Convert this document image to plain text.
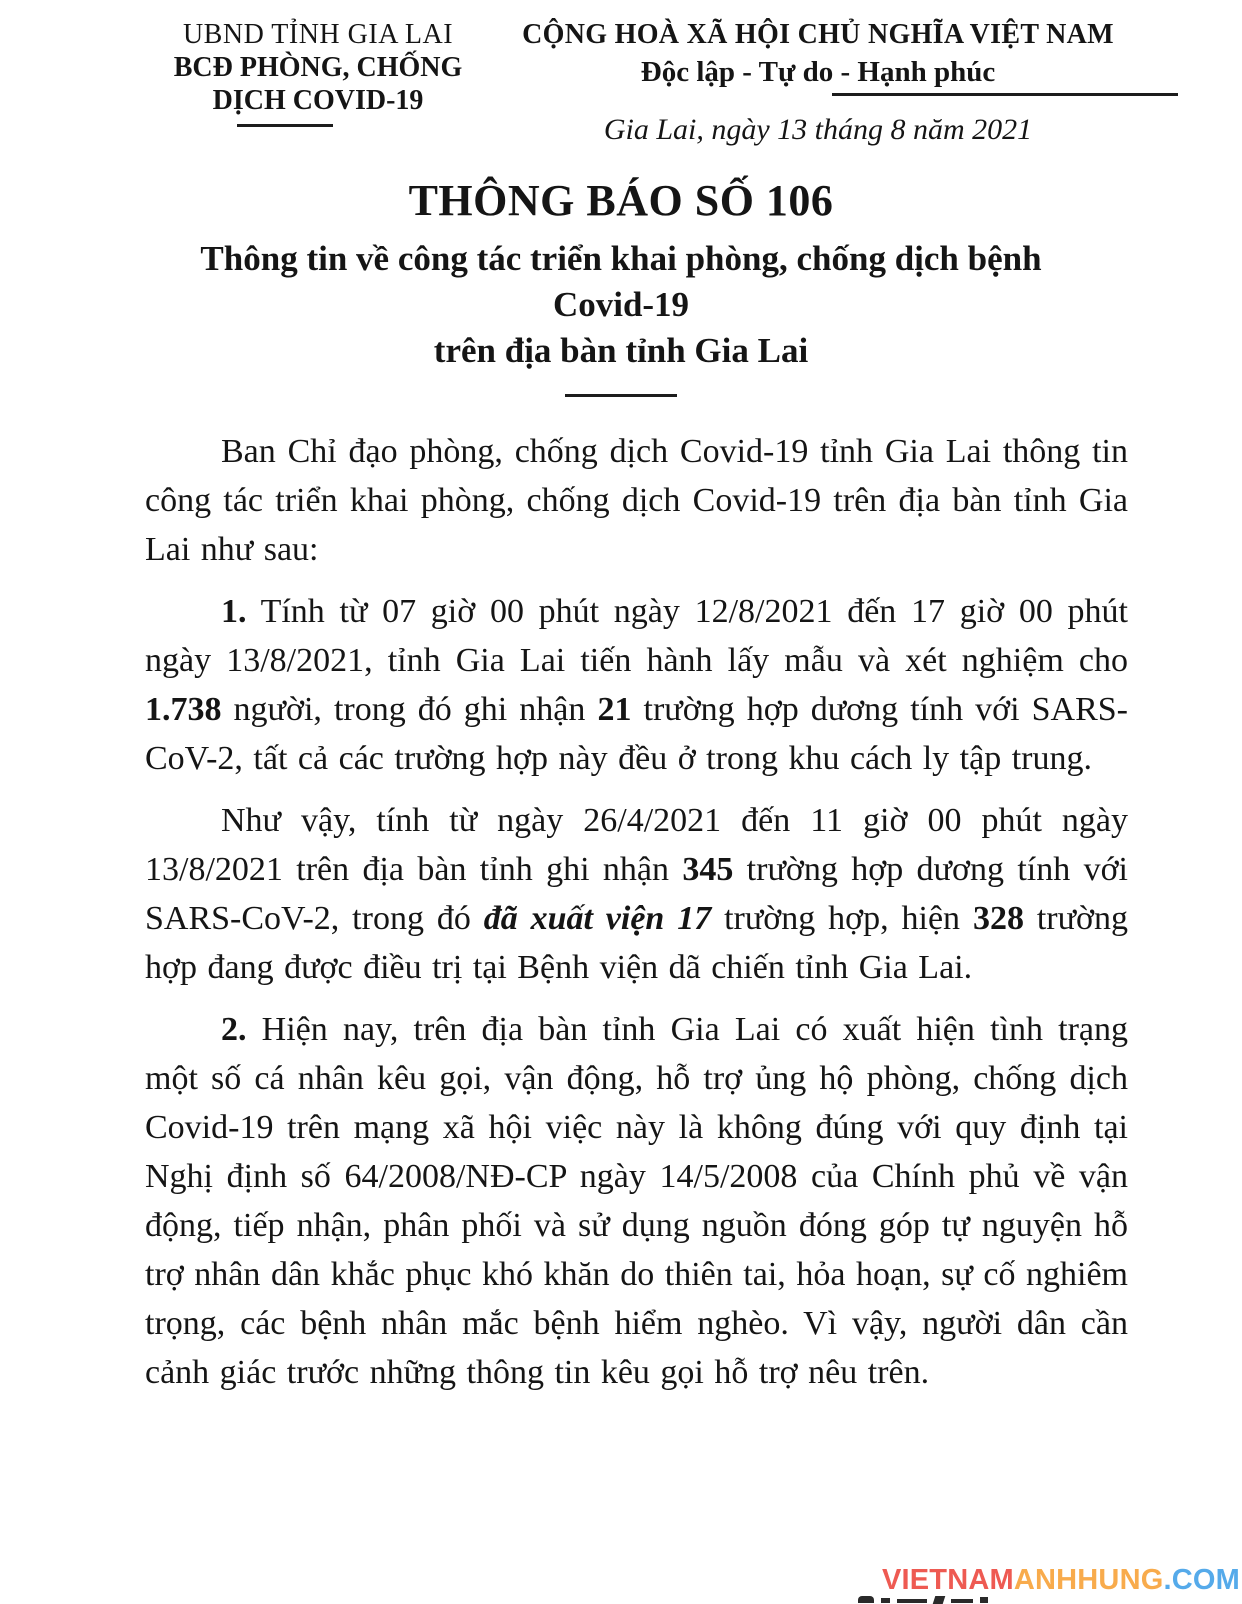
UBND TỈNH GIA LAI
BCĐ PHÒNG, CHỐNG
DỊCH COVID-19
CỘNG HOÀ XÃ HỘI CHỦ NGHĨA VIỆT NAM
Độc lập - Tự do - Hạnh phúc
Gia Lai, ngày 13 tháng 8 năm 2021
THÔNG BÁO SỐ 106
Thông tin về công tác triển khai phòng, chống dịch bệnh
Covid-19
trên địa bàn tỉnh Gia Lai

Ban Chỉ đạo phòng, chống dịch Covid-19 tỉnh Gia Lai thông tin công tác triển khai phòng, chống dịch Covid-19 trên địa bàn tỉnh Gia Lai như sau:

1. Tính từ 07 giờ 00 phút ngày 12/8/2021 đến 17 giờ 00 phút ngày 13/8/2021, tỉnh Gia Lai tiến hành lấy mẫu và xét nghiệm cho 1.738 người, trong đó ghi nhận 21 trường hợp dương tính với SARS-CoV-2, tất cả các trường hợp này đều ở trong khu cách ly tập trung.

Như vậy, tính từ ngày 26/4/2021 đến 11 giờ 00 phút ngày 13/8/2021 trên địa bàn tỉnh ghi nhận 345 trường hợp dương tính với SARS-CoV-2, trong đó đã xuất viện 17 trường hợp, hiện 328 trường hợp đang được điều trị tại Bệnh viện dã chiến tỉnh Gia Lai.

2. Hiện nay, trên địa bàn tỉnh Gia Lai có xuất hiện tình trạng một số cá nhân kêu gọi, vận động, hỗ trợ ủng hộ phòng, chống dịch Covid-19 trên mạng xã hội việc này là không đúng với quy định tại Nghị định số 64/2008/NĐ-CP ngày 14/5/2008 của Chính phủ về vận động, tiếp nhận, phân phối và sử dụng nguồn đóng góp tự nguyện hỗ trợ nhân dân khắc phục khó khăn do thiên tai, hỏa hoạn, sự cố nghiêm trọng, các bệnh nhân mắc bệnh hiểm nghèo. Vì vậy, người dân cần cảnh giác trước những thông tin kêu gọi hỗ trợ nêu trên.

VIETNAMANHHUNG.COM
